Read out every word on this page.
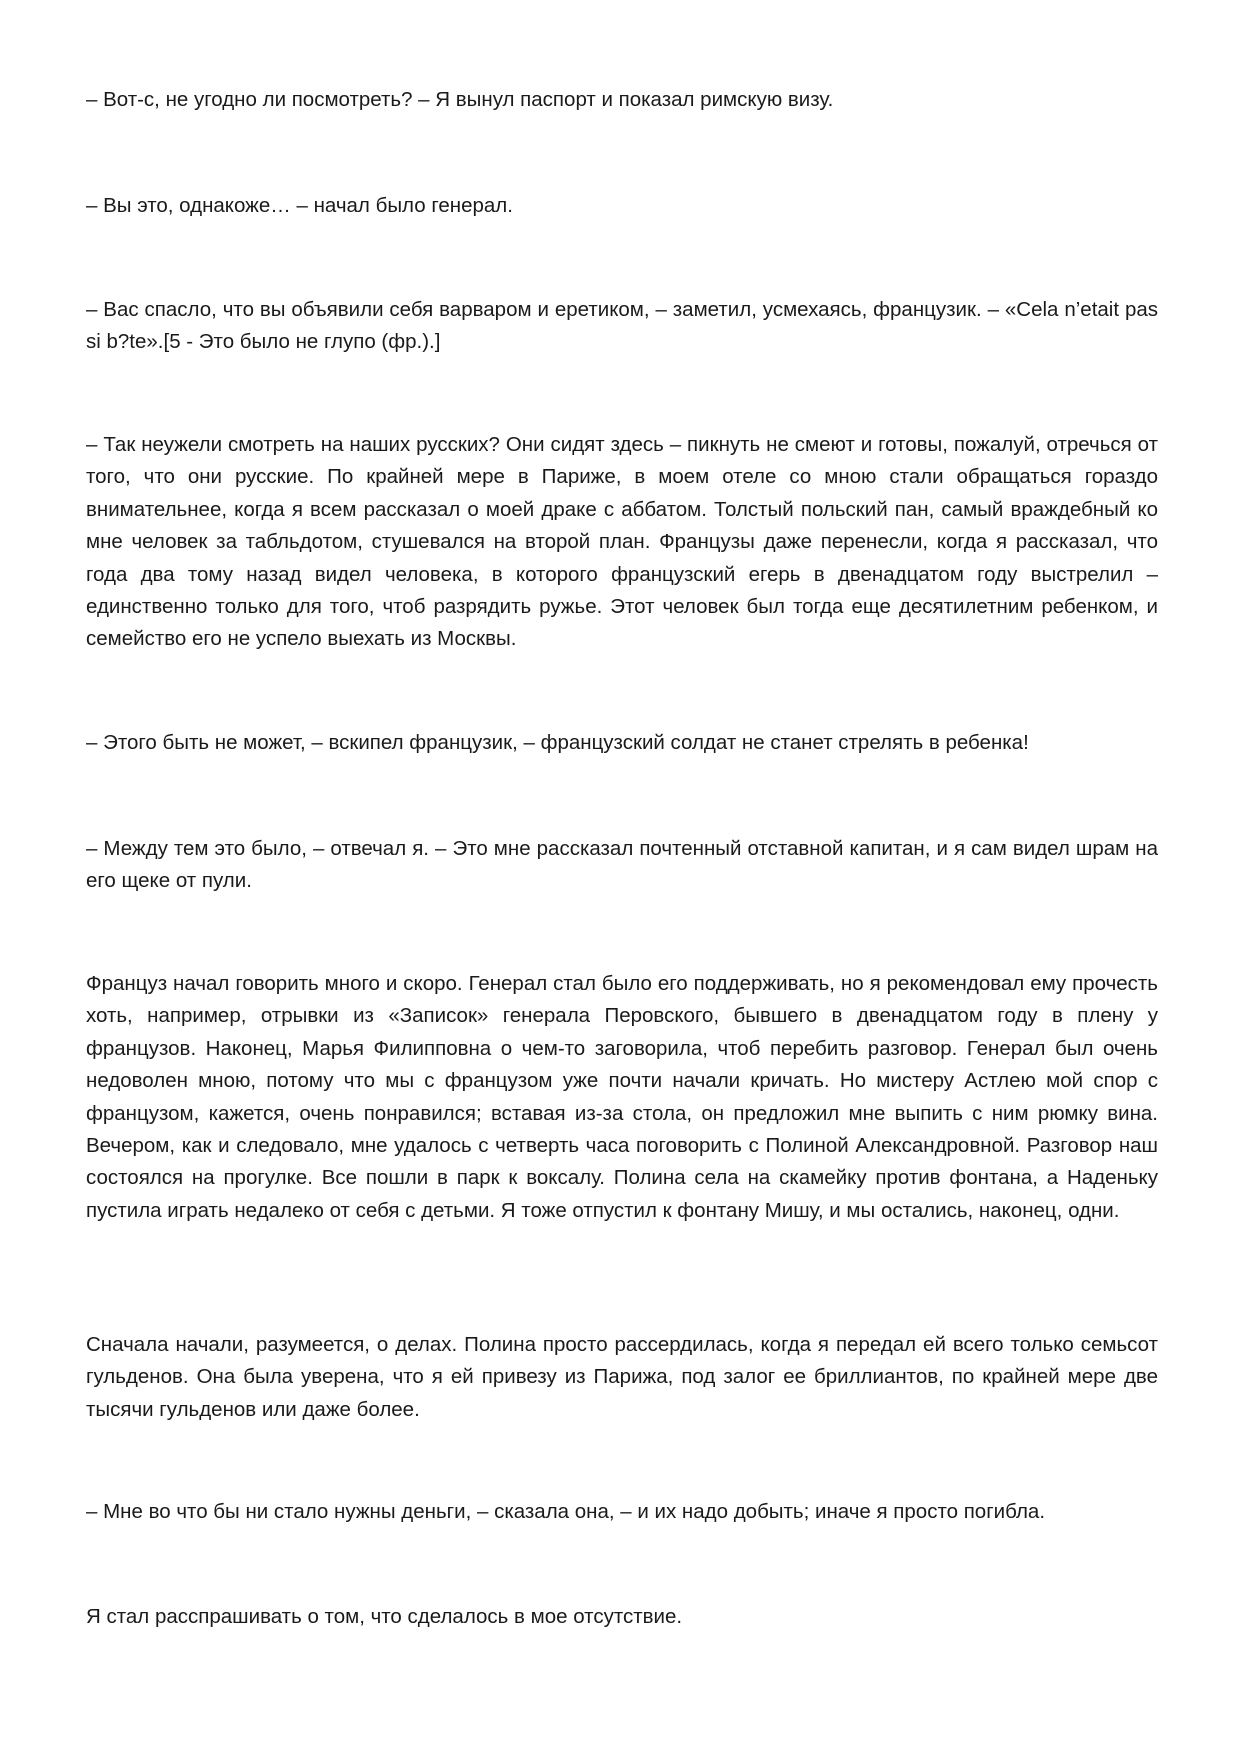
– Вот-с, не угодно ли посмотреть? – Я вынул паспорт и показал римскую визу.

– Вы это, однакоже… – начал было генерал.

– Вас спасло, что вы объявили себя варваром и еретиком, – заметил, усмехаясь, французик. – «Cela n’etait pas si b?te».[5 - Это было не глупо (фр.).]

– Так неужели смотреть на наших русских? Они сидят здесь – пикнуть не смеют и готовы, пожалуй, отречься от того, что они русские. По крайней мере в Париже, в моем отеле со мною стали обращаться гораздо внимательнее, когда я всем рассказал о моей драке с аббатом. Толстый польский пан, самый враждебный ко мне человек за табльдотом, стушевался на второй план. Французы даже перенесли, когда я рассказал, что года два тому назад видел человека, в которого французский егерь в двенадцатом году выстрелил – единственно только для того, чтоб разрядить ружье. Этот человек был тогда еще десятилетним ребенком, и семейство его не успело выехать из Москвы.

– Этого быть не может, – вскипел французик, – французский солдат не станет стрелять в ребенка!

– Между тем это было, – отвечал я. – Это мне рассказал почтенный отставной капитан, и я сам видел шрам на его щеке от пули.

Француз начал говорить много и скоро. Генерал стал было его поддерживать, но я рекомендовал ему прочесть хоть, например, отрывки из «Записок» генерала Перовского, бывшего в двенадцатом году в плену у французов. Наконец, Марья Филипповна о чем-то заговорила, чтоб перебить разговор. Генерал был очень недоволен мною, потому что мы с французом уже почти начали кричать. Но мистеру Астлею мой спор с французом, кажется, очень понравился; вставая из-за стола, он предложил мне выпить с ним рюмку вина. Вечером, как и следовало, мне удалось с четверть часа поговорить с Полиной Александровной. Разговор наш состоялся на прогулке. Все пошли в парк к воксалу. Полина села на скамейку против фонтана, а Наденьку пустила играть недалеко от себя с детьми. Я тоже отпустил к фонтану Мишу, и мы остались, наконец, одни.

Сначала начали, разумеется, о делах. Полина просто рассердилась, когда я передал ей всего только семьсот гульденов. Она была уверена, что я ей привезу из Парижа, под залог ее бриллиантов, по крайней мере две тысячи гульденов или даже более.

– Мне во что бы ни стало нужны деньги, – сказала она, – и их надо добыть; иначе я просто погибла.

Я стал расспрашивать о том, что сделалось в мое отсутствие.
